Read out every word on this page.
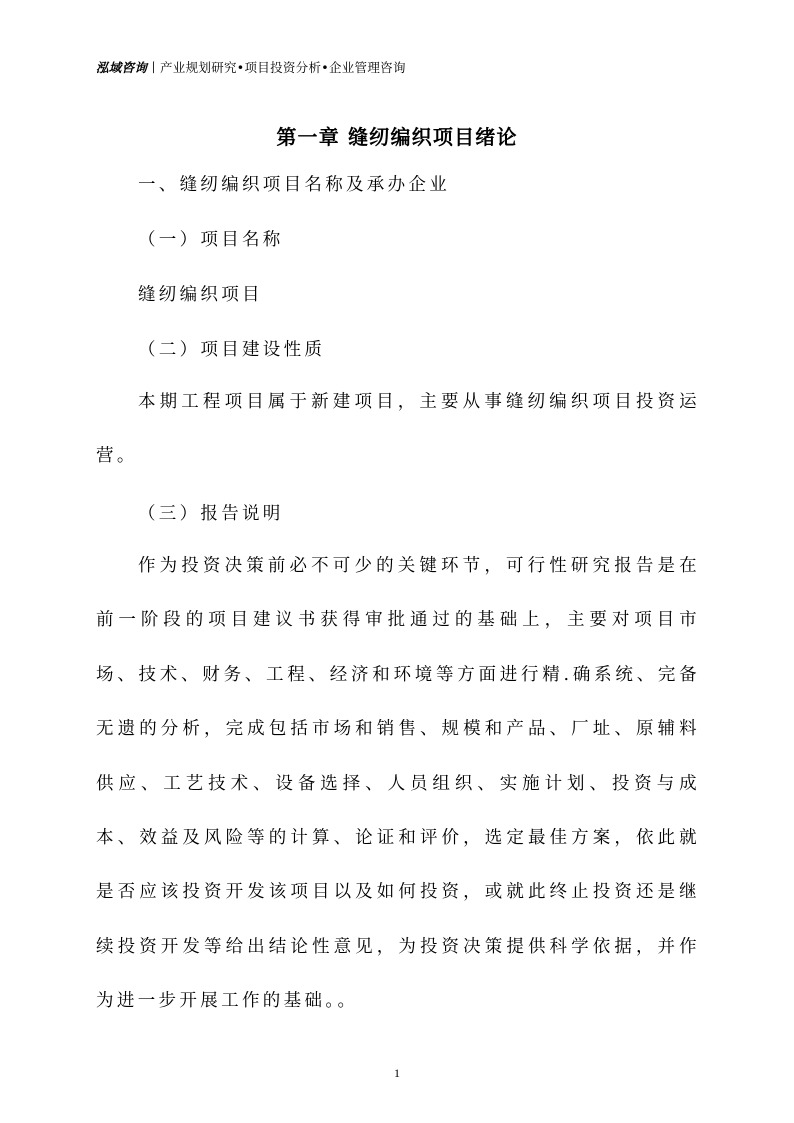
泓域咨询丨产业规划研究•项目投资分析•企业管理咨询
第一章 缝纫编织项目绪论
一、缝纫编织项目名称及承办企业
（一）项目名称
缝纫编织项目
（二）项目建设性质
本期工程项目属于新建项目，主要从事缝纫编织项目投资运营。
（三）报告说明
作为投资决策前必不可少的关键环节，可行性研究报告是在前一阶段的项目建议书获得审批通过的基础上，主要对项目市场、技术、财务、工程、经济和环境等方面进行精.确系统、完备无遗的分析，完成包括市场和销售、规模和产品、厂址、原辅料供应、工艺技术、设备选择、人员组织、实施计划、投资与成本、效益及风险等的计算、论证和评价，选定最佳方案，依此就是否应该投资开发该项目以及如何投资，或就此终止投资还是继续投资开发等给出结论性意见，为投资决策提供科学依据，并作为进一步开展工作的基础。。
1
